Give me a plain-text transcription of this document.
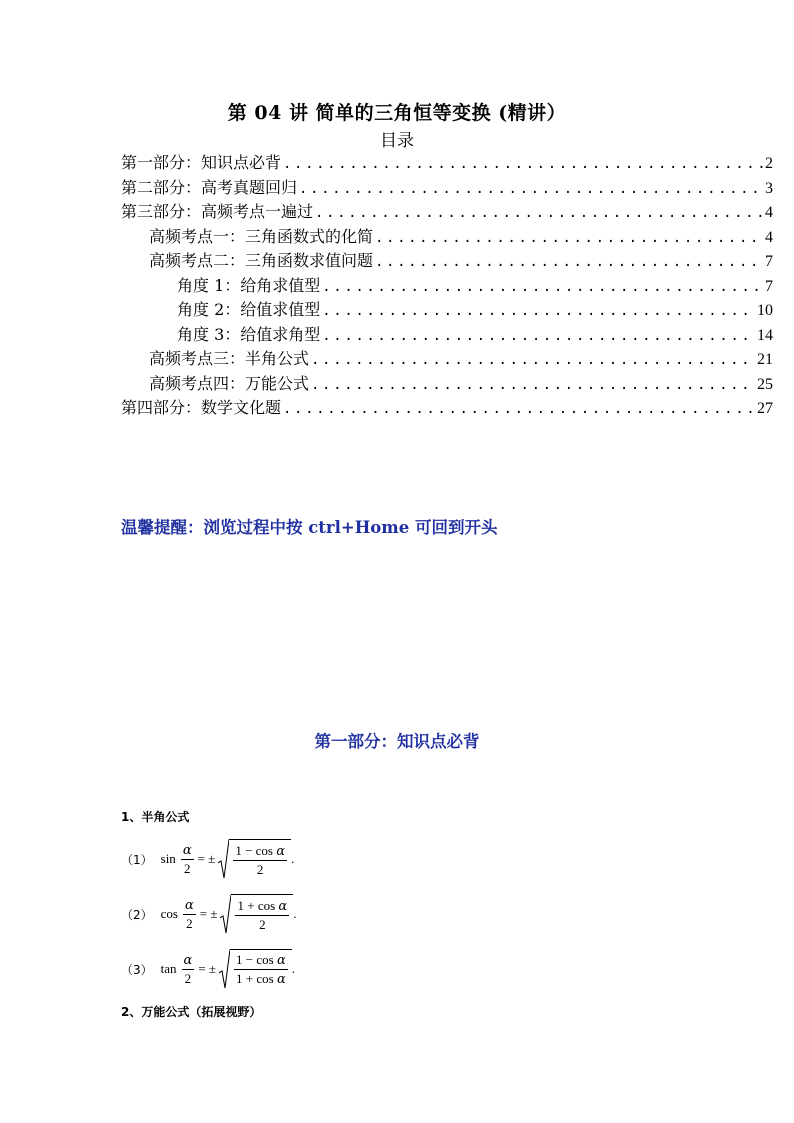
第 04 讲 简单的三角恒等变换 (精讲）
目录
第一部分：知识点必背 .....	2
第二部分：高考真题回归 .....	3
第三部分：高频考点一遍过 .....	4
高频考点一：三角函数式的化简 .....	4
高频考点二：三角函数求值问题 .....	7
角度 1：给角求值型 .....	7
角度 2：给值求值型 .....	10
角度 3：给值求角型 .....	14
高频考点三：半角公式 .....	21
高频考点四：万能公式 .....	25
第四部分：数学文化题 .....	27
温馨提醒：浏览过程中按 ctrl+Home 可回到开头
第一部分：知识点必背
1、半角公式
（1） $\sin \frac{\alpha}{2}$ = ± $\frac{\text{1 − cos α}}{2}$ .
（2） $\cos \frac{\alpha}{2}$ = ± $\frac{\text{1 + cos α}}{2}$ .
（3） $\tan \frac{\alpha}{2}$ = ± $\frac{\text{1 − cos α}}{\text{1 + cos α}}$ .
2、万能公式（拓展视野）
